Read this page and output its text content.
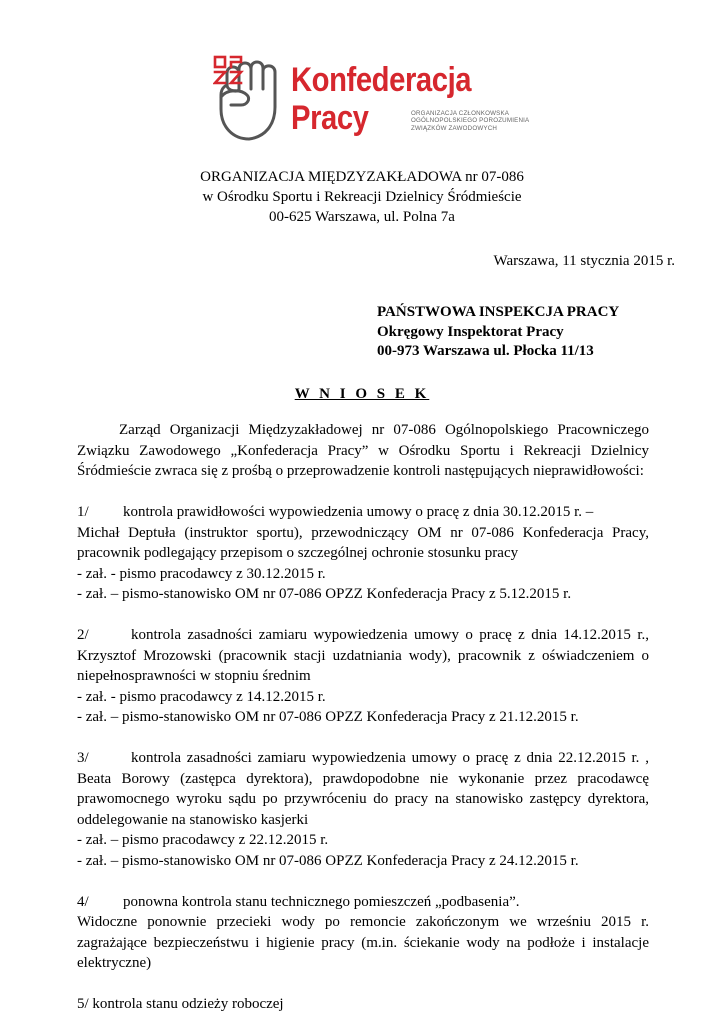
Konfederacja
Pracy	ORGANIZACJA CZŁONKOWSKA
OGÓLNOPOLSKIEGO POROZUMIENIA
ZWIĄZKÓW ZAWODOWYCH
ORGANIZACJA MIĘDZYZAKŁADOWA nr 07-086
w Ośrodku Sportu i Rekreacji Dzielnicy Śródmieście
00-625 Warszawa, ul. Polna 7a
Warszawa, 11 stycznia 2015 r.
PAŃSTWOWA INSPEKCJA PRACY
Okręgowy Inspektorat Pracy
00-973 Warszawa ul. Płocka 11/13
W N I O S E K

Zarząd Organizacji Międzyzakładowej nr 07-086 Ogólnopolskiego Pracowniczego Związku Zawodowego „Konfederacja Pracy” w Ośrodku Sportu i Rekreacji Dzielnicy Śródmieście zwraca się z prośbą o przeprowadzenie kontroli następujących nieprawidłowości:

1/ kontrola prawidłowości wypowiedzenia umowy o pracę z dnia 30.12.2015 r. –

Michał Deptuła (instruktor sportu), przewodniczący OM nr 07-086 Konfederacja Pracy, pracownik podlegający przepisom o szczególnej ochronie stosunku pracy

- zał. - pismo pracodawcy z 30.12.2015 r.

- zał. – pismo-stanowisko OM nr 07-086 OPZZ Konfederacja Pracy z 5.12.2015 r.

2/	kontrola zasadności zamiaru wypowiedzenia umowy o pracę z dnia 14.12.2015 r., Krzysztof Mrozowski (pracownik stacji uzdatniania wody), pracownik z oświadczeniem o niepełnosprawności w stopniu średnim

- zał. - pismo pracodawcy z 14.12.2015 r.

- zał. – pismo-stanowisko OM nr 07-086 OPZZ Konfederacja Pracy z 21.12.2015 r.

3/	kontrola zasadności zamiaru wypowiedzenia umowy o pracę z dnia 22.12.2015 r. , Beata Borowy (zastępca dyrektora), prawdopodobne nie wykonanie przez pracodawcę prawomocnego wyroku sądu po przywróceniu do pracy na stanowisko zastępcy dyrektora, oddelegowanie na stanowisko kasjerki

- zał. – pismo pracodawcy z 22.12.2015 r.

- zał. – pismo-stanowisko OM nr 07-086 OPZZ Konfederacja Pracy z 24.12.2015 r.

4/ ponowna kontrola stanu technicznego pomieszczeń „podbasenia”.

Widoczne ponownie przecieki wody po remoncie zakończonym we wrześniu 2015 r. zagrażające bezpieczeństwu i higienie pracy (m.in. ściekanie wody na podłoże i instalacje elektryczne)

5/ kontrola stanu odzieży roboczej
